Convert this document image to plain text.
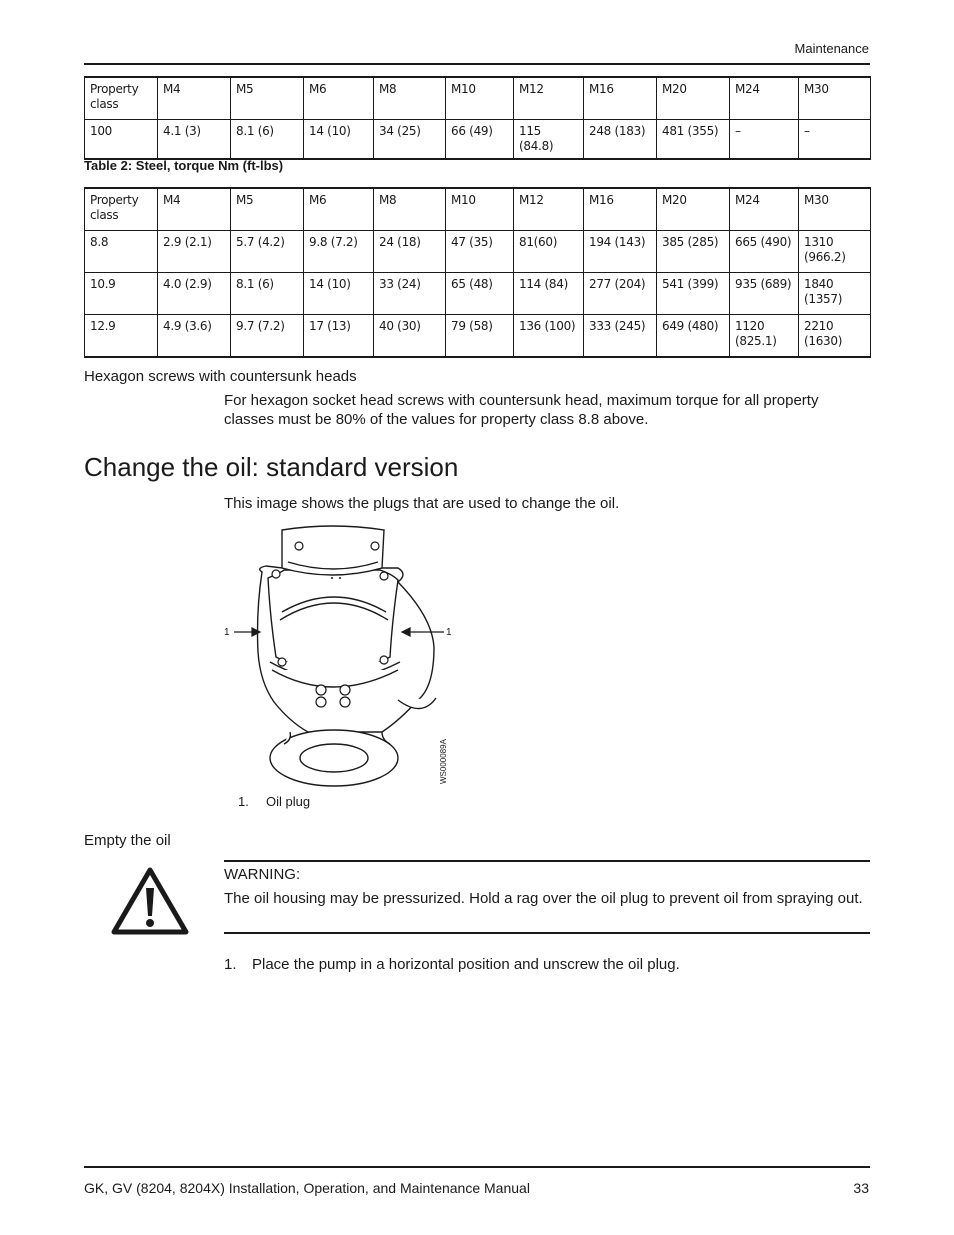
Maintenance
Property class	M4	M5	M6	M8	M10	M12	M16	M20	M24	M30
100	4.1 (3)	8.1 (6)	14 (10)	34 (25)	66 (49)	115 (84.8)	248 (183)	481 (355)	–	–
Table 2: Steel, torque Nm (ft-lbs)
Property class	M4	M5	M6	M8	M10	M12	M16	M20	M24	M30
8.8	2.9 (2.1)	5.7 (4.2)	9.8 (7.2)	24 (18)	47 (35)	81(60)	194 (143)	385 (285)	665 (490)	1310 (966.2)
10.9	4.0 (2.9)	8.1 (6)	14 (10)	33 (24)	65 (48)	114 (84)	277 (204)	541 (399)	935 (689)	1840 (1357)
12.9	4.9 (3.6)	9.7 (7.2)	17 (13)	40 (30)	79 (58)	136 (100)	333 (245)	649 (480)	1120 (825.1)	2210 (1630)
Hexagon screws with countersunk heads
For hexagon socket head screws with countersunk head, maximum torque for all property classes must be 80% of the values for property class 8.8 above.
Change the oil: standard version
This image shows the plugs that are used to change the oil.
1	1
WS000089A
1. Oil plug
Empty the oil
WARNING:
The oil housing may be pressurized. Hold a rag over the oil plug to prevent oil from spraying out.
1. Place the pump in a horizontal position and unscrew the oil plug.
GK, GV (8204, 8204X) Installation, Operation, and Maintenance Manual	33
